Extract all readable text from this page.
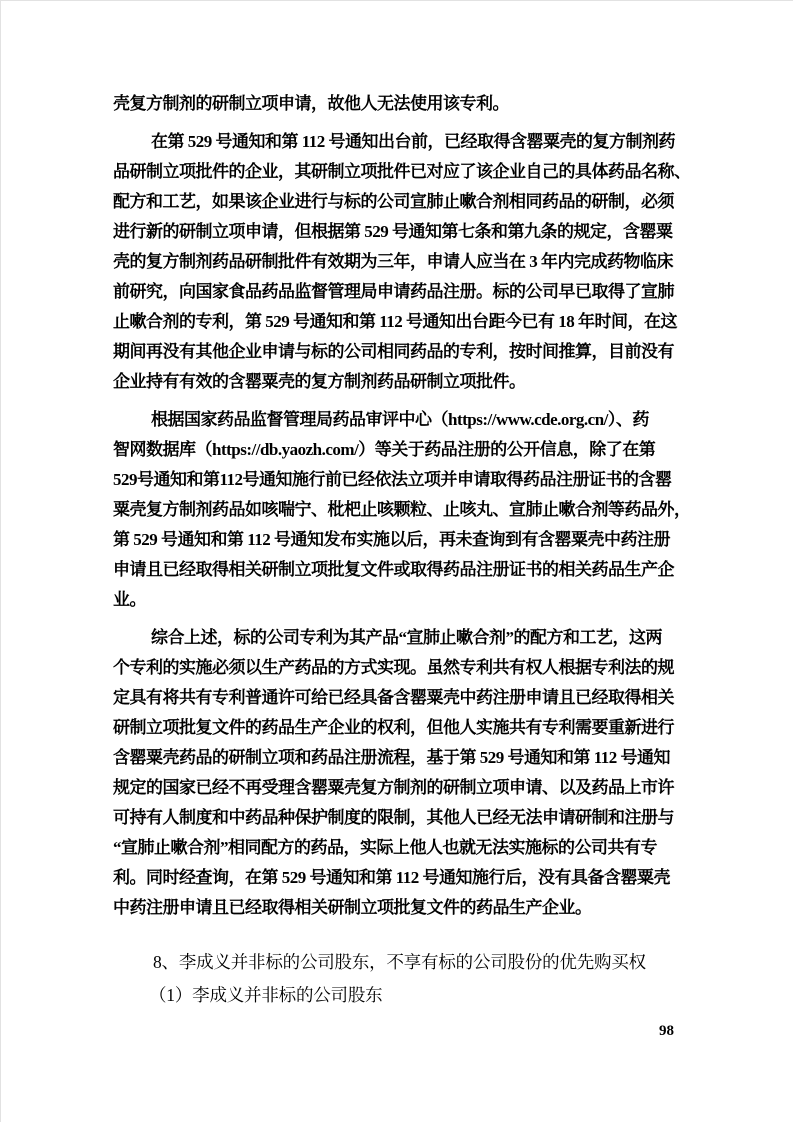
壳复方制剂的研制立项申请，故他人无法使用该专利。
在第 529 号通知和第 112 号通知出台前，已经取得含罂粟壳的复方制剂药
品研制立项批件的企业，其研制立项批件已对应了该企业自己的具体药品名称、
配方和工艺，如果该企业进行与标的公司宣肺止嗽合剂相同药品的研制，必须
进行新的研制立项申请，但根据第 529 号通知第七条和第九条的规定，含罂粟
壳的复方制剂药品研制批件有效期为三年，申请人应当在 3 年内完成药物临床
前研究，向国家食品药品监督管理局申请药品注册。标的公司早已取得了宣肺
止嗽合剂的专利，第 529 号通知和第 112 号通知出台距今已有 18 年时间，在这
期间再没有其他企业申请与标的公司相同药品的专利，按时间推算，目前没有
企业持有有效的含罂粟壳的复方制剂药品研制立项批件。
根据国家药品监督管理局药品审评中心（https://www.cde.org.cn/）、药
智网数据库（https://db.yaozh.com/）等关于药品注册的公开信息，除了在第
529号通知和第112号通知施行前已经依法立项并申请取得药品注册证书的含罂
粟壳复方制剂药品如咳喘宁、枇杷止咳颗粒、止咳丸、宣肺止嗽合剂等药品外，
第 529 号通知和第 112 号通知发布实施以后，再未查询到有含罂粟壳中药注册
申请且已经取得相关研制立项批复文件或取得药品注册证书的相关药品生产企
业。
综合上述，标的公司专利为其产品“宣肺止嗽合剂”的配方和工艺，这两
个专利的实施必须以生产药品的方式实现。虽然专利共有权人根据专利法的规
定具有将共有专利普通许可给已经具备含罂粟壳中药注册申请且已经取得相关
研制立项批复文件的药品生产企业的权利，但他人实施共有专利需要重新进行
含罂粟壳药品的研制立项和药品注册流程，基于第 529 号通知和第 112 号通知
规定的国家已经不再受理含罂粟壳复方制剂的研制立项申请、以及药品上市许
可持有人制度和中药品种保护制度的限制，其他人已经无法申请研制和注册与
“宣肺止嗽合剂”相同配方的药品，实际上他人也就无法实施标的公司共有专
利。同时经查询，在第 529 号通知和第 112 号通知施行后，没有具备含罂粟壳
中药注册申请且已经取得相关研制立项批复文件的药品生产企业。
8、李成义并非标的公司股东，不享有标的公司股份的优先购买权
（1）李成义并非标的公司股东
98
